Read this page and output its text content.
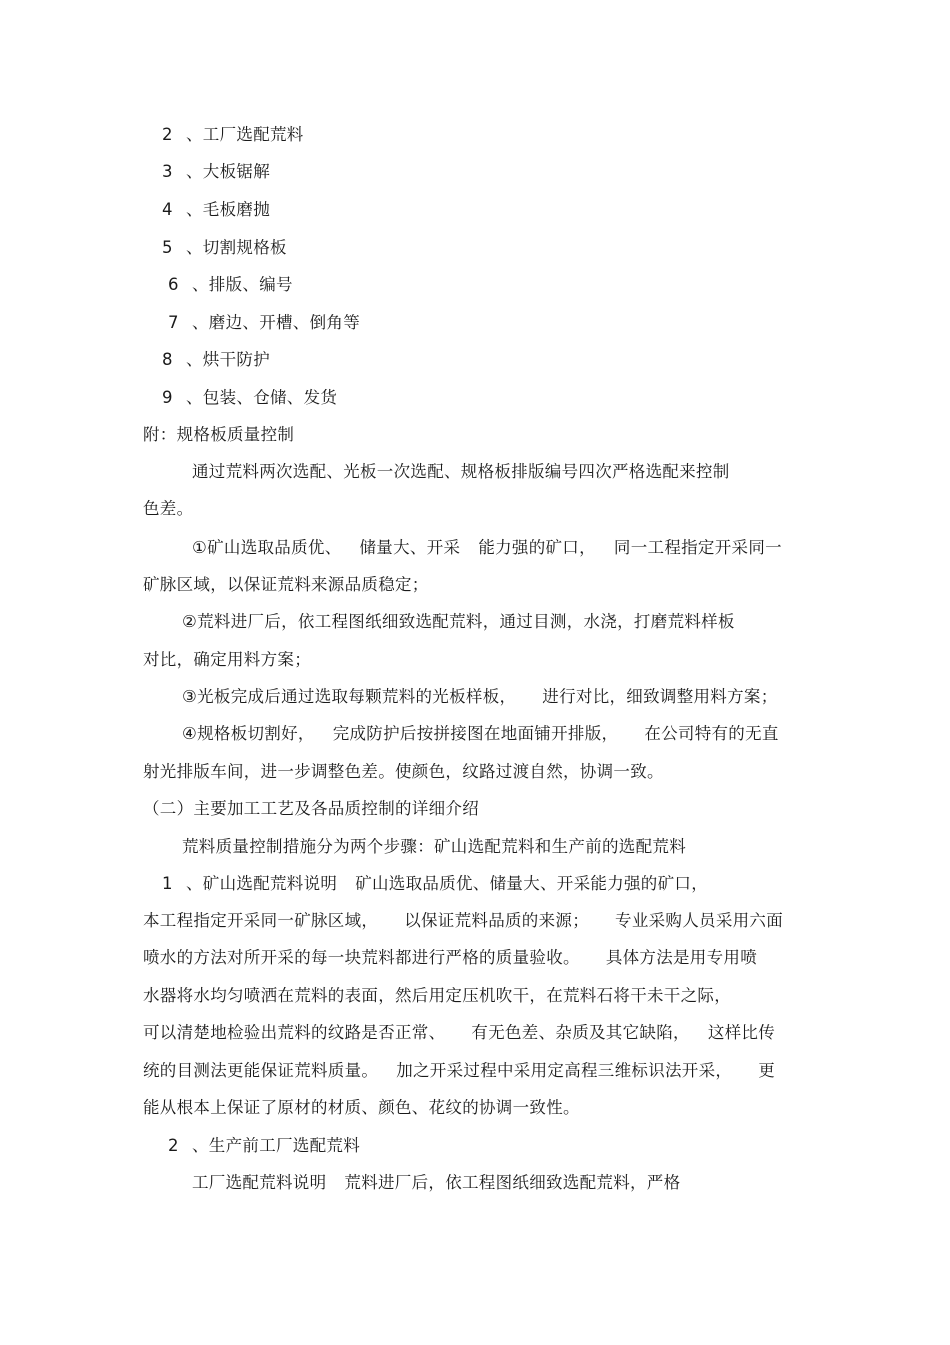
2 、工厂选配荒料

3 、大板锯解

4 、毛板磨抛

5 、切割规格板

6 、排版、编号

7 、磨边、开槽、倒角等

8 、烘干防护

9 、包装、仓储、发货

附：规格板质量控制

通过荒料两次选配、光板一次选配、规格板排版编号四次严格选配来控制

色差。

①矿山选取品质优、 储量大、开采 能力强的矿口， 同一工程指定开采同一

矿脉区域，以保证荒料来源品质稳定；

②荒料进厂后，依工程图纸细致选配荒料，通过目测，水浇，打磨荒料样板

对比，确定用料方案；

③光板完成后通过选取每颗荒料的光板样板， 进行对比，细致调整用料方案；

④规格板切割好， 完成防护后按拼接图在地面铺开排版， 在公司特有的无直

射光排版车间，进一步调整色差。使颜色，纹路过渡自然，协调一致。

（二）主要加工工艺及各品质控制的详细介绍

荒料质量控制措施分为两个步骤：矿山选配荒料和生产前的选配荒料

1 、矿山选配荒料说明 矿山选取品质优、储量大、开采能力强的矿口，

本工程指定开采同一矿脉区域， 以保证荒料品质的来源； 专业采购人员采用六面

喷水的方法对所开采的每一块荒料都进行严格的质量验收。 具体方法是用专用喷

水器将水均匀喷洒在荒料的表面，然后用定压机吹干，在荒料石将干未干之际，

可以清楚地检验出荒料的纹路是否正常、 有无色差、杂质及其它缺陷， 这样比传

统的目测法更能保证荒料质量。 加之开采过程中采用定高程三维标识法开采， 更

能从根本上保证了原材的材质、颜色、花纹的协调一致性。

2 、生产前工厂选配荒料

工厂选配荒料说明 荒料进厂后，依工程图纸细致选配荒料，严格
